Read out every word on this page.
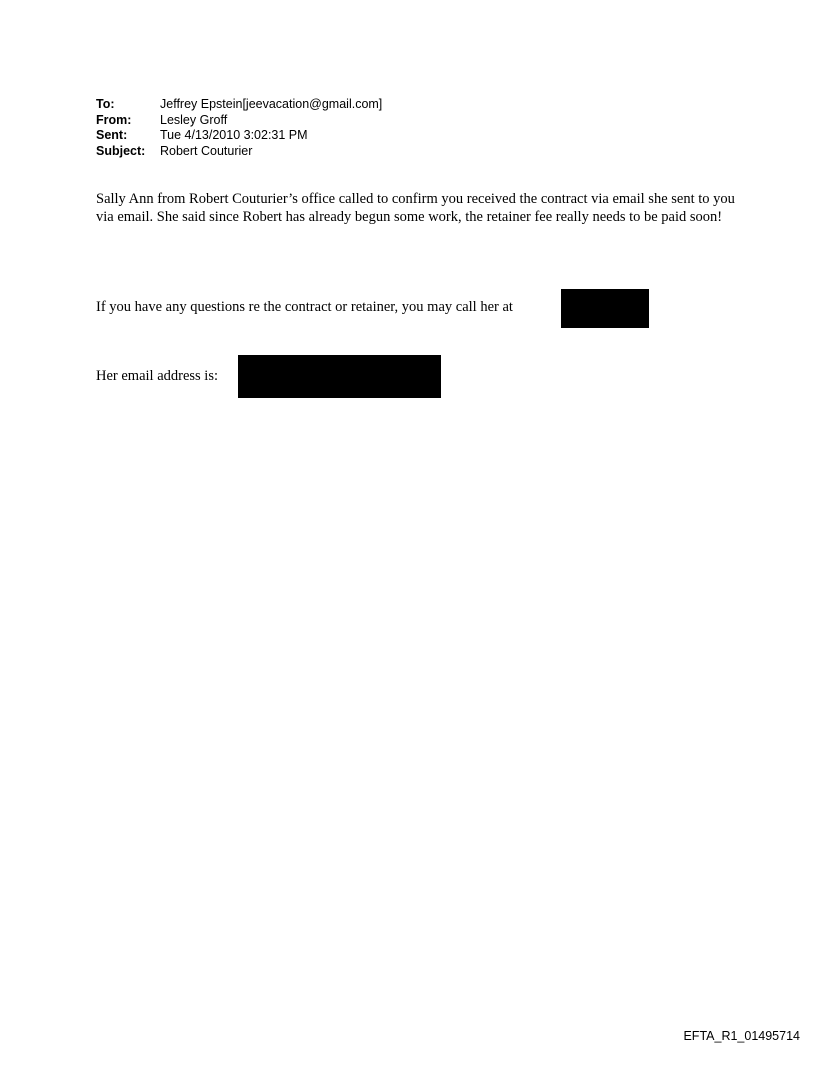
To:	Jeffrey Epstein[jeevacation@gmail.com]
From:	Lesley Groff
Sent:	Tue 4/13/2010 3:02:31 PM
Subject:	Robert Couturier

Sally Ann from Robert Couturier’s office called to confirm you received the contract via email she sent to you via email. She said since Robert has already begun some work, the retainer fee really needs to be paid soon!

If you have any questions re the contract or retainer, you may call her at

Her email address is:

EFTA_R1_01495714
